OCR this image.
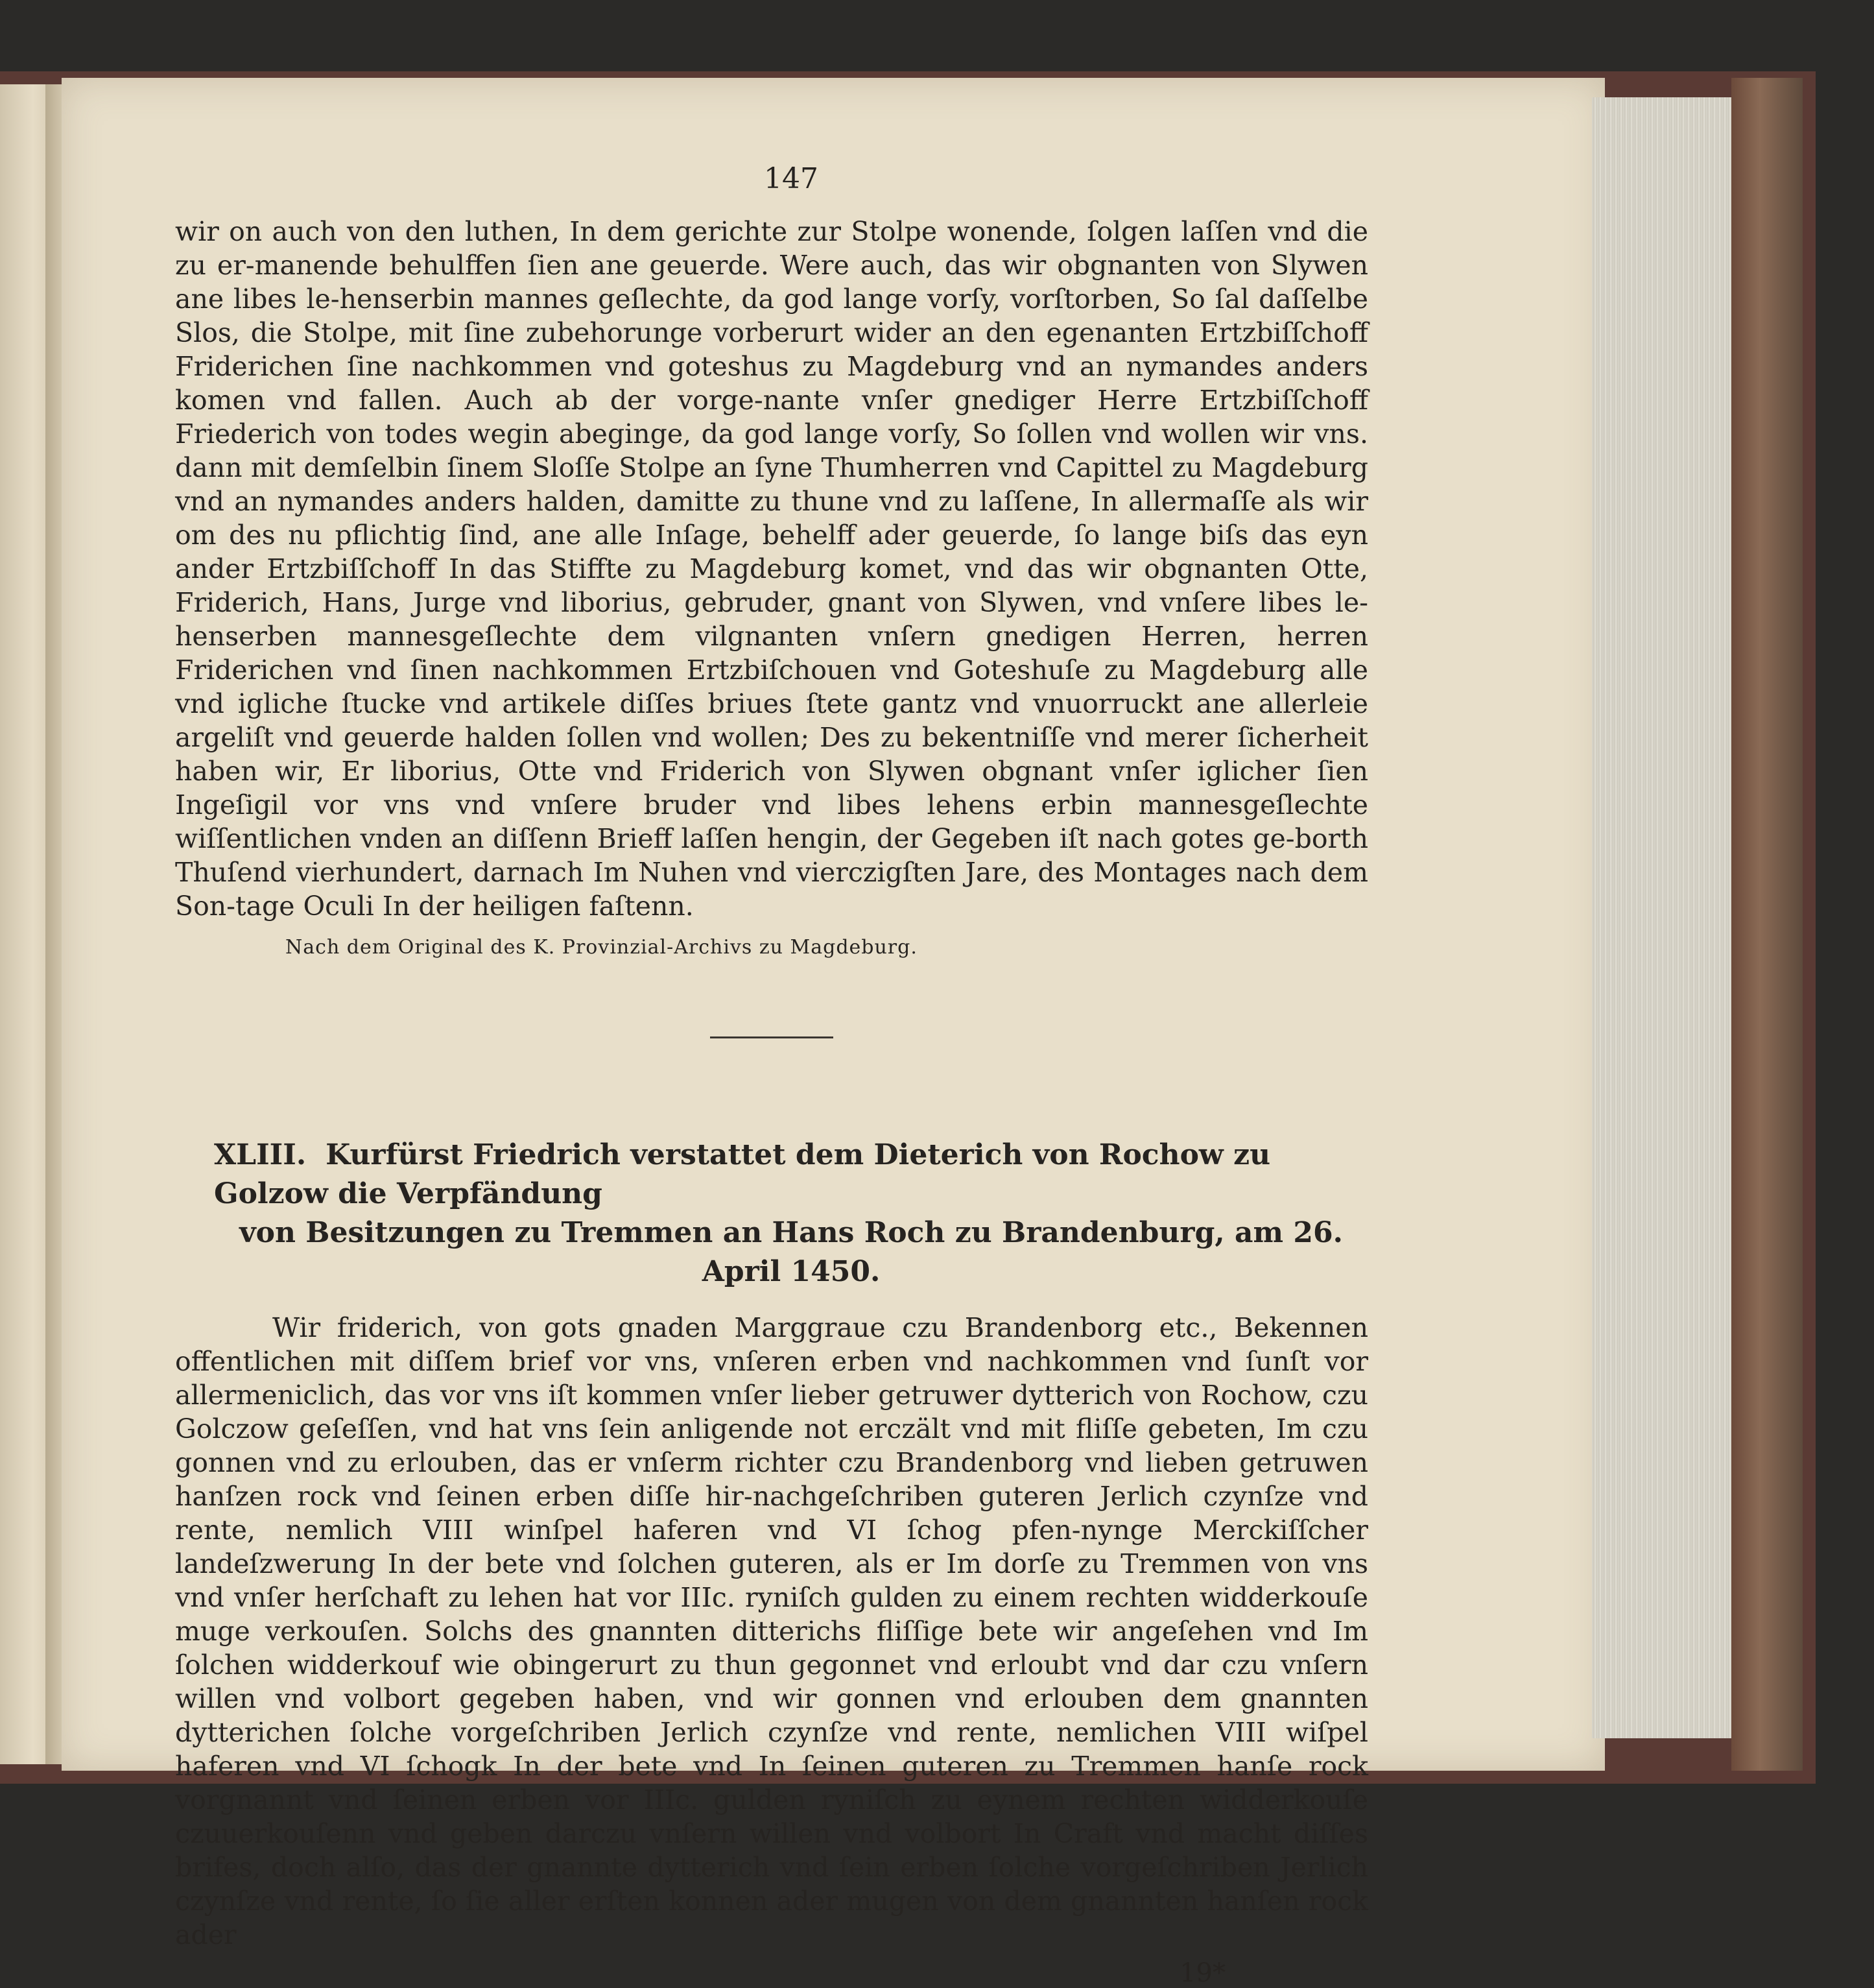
147

wir on auch von den luthen, In dem gerichte zur Stolpe wonende, ſolgen laſſen vnd die zu er-manende behulffen ſien ane geuerde. Were auch, das wir obgnanten von Slywen ane libes le-henserbin mannes geſlechte, da god lange vorſy, vorſtorben, So ſal daſſelbe Slos, die Stolpe, mit ſine zubehorunge vorberurt wider an den egenanten Ertzbiſſchoff Friderichen ſine nachkommen vnd goteshus zu Magdeburg vnd an nymandes anders komen vnd fallen. Auch ab der vorge-nante vnſer gnediger Herre Ertzbiſſchoff Friederich von todes wegin abeginge, da god lange vorſy, So ſollen vnd wollen wir vns. dann mit demſelbin ſinem Sloſſe Stolpe an ſyne Thumherren vnd Capittel zu Magdeburg vnd an nymandes anders halden, damitte zu thune vnd zu laſſene, In allermaſſe als wir om des nu pflichtig ſind, ane alle Inſage, behelff ader geuerde, ſo lange biſs das eyn ander Ertzbiſſchoff In das Stiffte zu Magdeburg komet, vnd das wir obgnanten Otte, Friderich, Hans, Jurge vnd liborius, gebruder, gnant von Slywen, vnd vnſere libes le-henserben mannesgeſlechte dem vilgnanten vnſern gnedigen Herren, herren Friderichen vnd ſinen nachkommen Ertzbiſchouen vnd Goteshuſe zu Magdeburg alle vnd igliche ſtucke vnd artikele diſſes briues ſtete gantz vnd vnuorruckt ane allerleie argeliſt vnd geuerde halden ſollen vnd wollen; Des zu bekentniſſe vnd merer ſicherheit haben wir, Er liborius, Otte vnd Friderich von Slywen obgnant vnſer iglicher ſien Ingeſigil vor vns vnd vnſere bruder vnd libes lehens erbin mannesgeſlechte wiſſentlichen vnden an diſſenn Brieff laſſen hengin, der Gegeben iſt nach gotes ge-borth Thuſend vierhundert, darnach Im Nuhen vnd vierczigſten Jare, des Montages nach dem Son-tage Oculi In der heiligen faſtenn.

Nach dem Original des K. Provinzial-Archivs zu Magdeburg.
XLIII. Kurfürst Friedrich verstattet dem Dieterich von Rochow zu Golzow die Verpfändung
von Besitzungen zu Tremmen an Hans Roch zu Brandenburg, am 26. April 1450.

Wir friderich, von gots gnaden Marggraue czu Brandenborg etc., Bekennen offentlichen mit diſſem brief vor vns, vnſeren erben vnd nachkommen vnd ſunſt vor allermeniclich, das vor vns iſt kommen vnſer lieber getruwer dytterich von Rochow, czu Golczow geſeſſen, vnd hat vns ſein anligende not erczält vnd mit fliſſe gebeten, Im czu gonnen vnd zu erlouben, das er vnſerm richter czu Brandenborg vnd lieben getruwen hanſzen rock vnd ſeinen erben diſſe hir-nachgeſchriben guteren Jerlich czynſze vnd rente, nemlich VIII winſpel haferen vnd VI ſchog pfen-nynge Merckiſſcher landeſzwerung In der bete vnd ſolchen guteren, als er Im dorſe zu Tremmen von vns vnd vnſer herſchaft zu lehen hat vor IIIc. ryniſch gulden zu einem rechten widderkouſe muge verkouſen. Solchs des gnannten ditterichs fliſſige bete wir angeſehen vnd Im ſolchen widderkouf wie obingerurt zu thun gegonnet vnd erloubt vnd dar czu vnſern willen vnd volbort gegeben haben, vnd wir gonnen vnd erlouben dem gnannten dytterichen ſolche vorgeſchriben Jerlich czynſze vnd rente, nemlichen VIII wiſpel haferen vnd VI ſchogk In der bete vnd In ſeinen guteren zu Tremmen hanſe rock vorgnannt vnd ſeinen erben vor IIIc. gulden ryniſch zu eynem rechten widderkouſe czuuerkouſenn vnd geben darczu vnſern willen vnd volbort In Craft vnd macht diſſes brifes, doch alſo, das der gnannte dytterich vnd ſein erben ſolche vorgeſchriben Jerlich czynſze vnd rente, ſo ſie aller erſten konnen ader mugen von dem gnannten hanſen rock ader

19*
